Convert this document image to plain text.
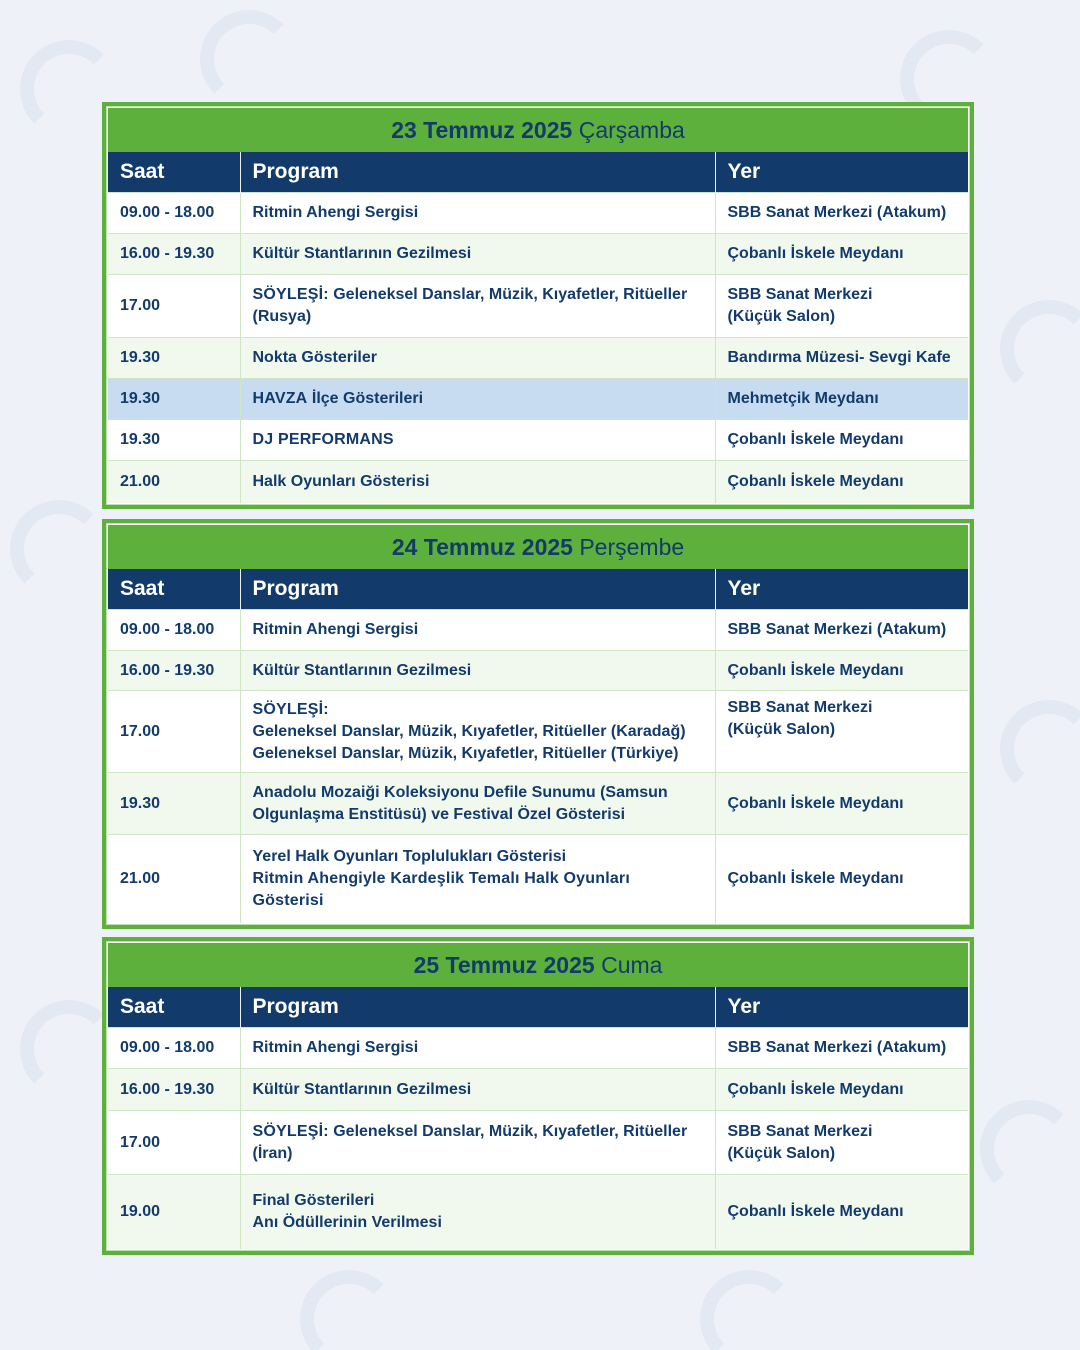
23 Temmuz 2025 Çarşamba
Saat	Program	Yer
09.00 - 18.00	Ritmin Ahengi Sergisi	SBB Sanat Merkezi (Atakum)
16.00 - 19.30	Kültür Stantlarının Gezilmesi	Çobanlı İskele Meydanı
17.00	SÖYLEŞİ: Geleneksel Danslar, Müzik, Kıyafetler, Ritüeller (Rusya)	SBB Sanat Merkezi
(Küçük Salon)

19.30	Nokta Gösteriler	Bandırma Müzesi- Sevgi Kafe
19.30	HAVZA İlçe Gösterileri	Mehmetçik Meydanı
19.30	DJ PERFORMANS	Çobanlı İskele Meydanı
21.00	Halk Oyunları Gösterisi	Çobanlı İskele Meydanı
24 Temmuz 2025 Perşembe
Saat	Program	Yer
09.00 - 18.00	Ritmin Ahengi Sergisi	SBB Sanat Merkezi (Atakum)
16.00 - 19.30	Kültür Stantlarının Gezilmesi	Çobanlı İskele Meydanı
17.00	SÖYLEŞİ:
Geleneksel Danslar, Müzik, Kıyafetler, Ritüeller (Karadağ)
Geleneksel Danslar, Müzik, Kıyafetler, Ritüeller (Türkiye)	SBB Sanat Merkezi
(Küçük Salon)

19.30	Anadolu Mozaiği Koleksiyonu Defile Sunumu (Samsun Olgunlaşma Enstitüsü) ve Festival Özel Gösterisi	Çobanlı İskele Meydanı
21.00	Yerel Halk Oyunları Toplulukları Gösterisi
Ritmin Ahengiyle Kardeşlik Temalı Halk Oyunları Gösterisi	Çobanlı İskele Meydanı
25 Temmuz 2025 Cuma
Saat	Program	Yer
09.00 - 18.00	Ritmin Ahengi Sergisi	SBB Sanat Merkezi (Atakum)
16.00 - 19.30	Kültür Stantlarının Gezilmesi	Çobanlı İskele Meydanı
17.00	SÖYLEŞİ: Geleneksel Danslar, Müzik, Kıyafetler, Ritüeller (İran)	SBB Sanat Merkezi
(Küçük Salon)

19.00	Final Gösterileri
Anı Ödüllerinin Verilmesi	Çobanlı İskele Meydanı
